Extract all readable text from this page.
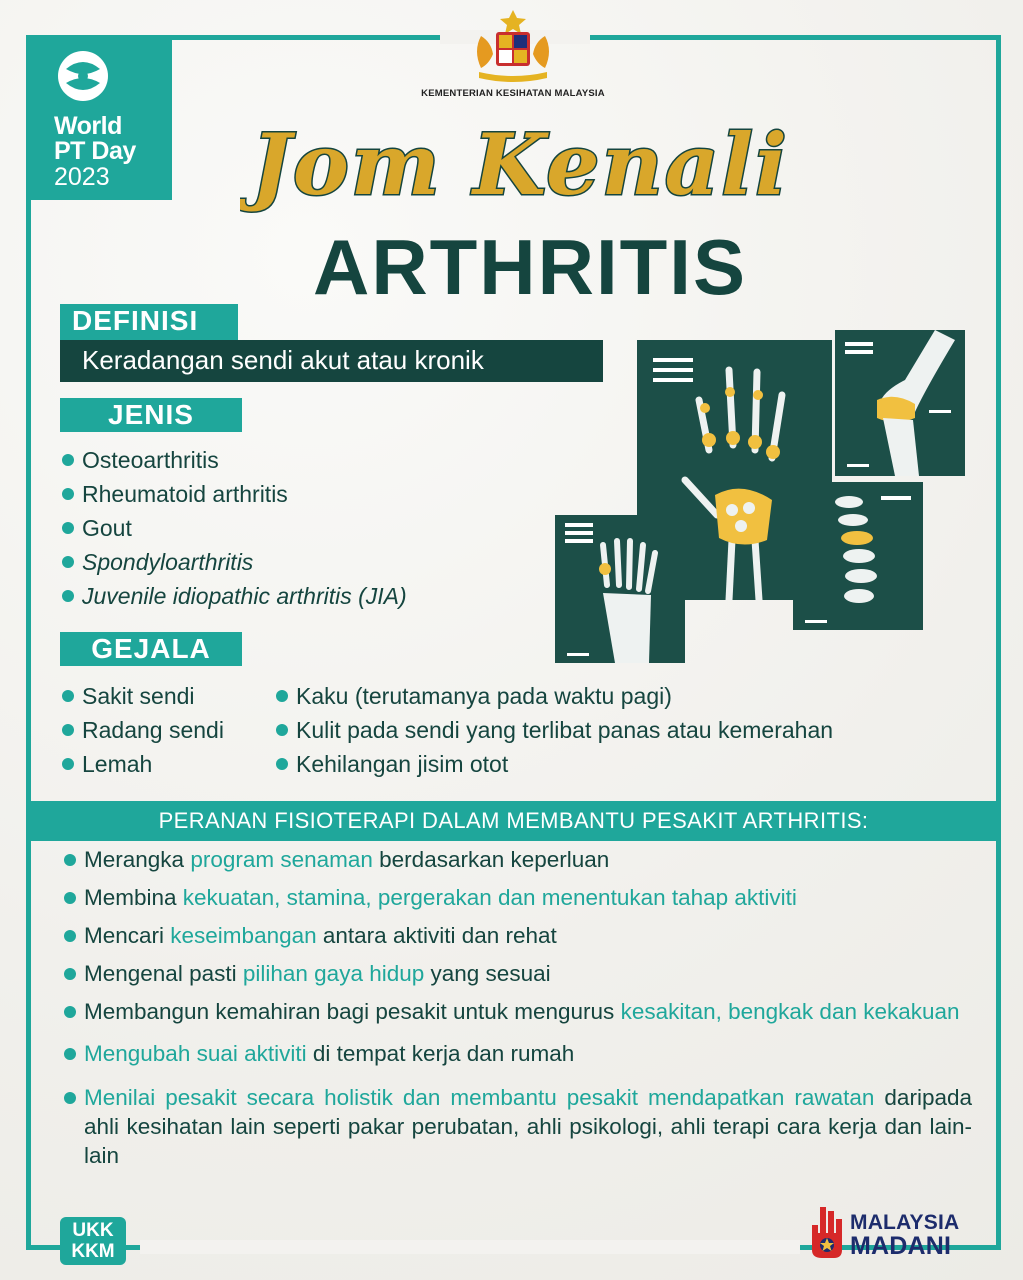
World
PT Day
2023
KEMENTERIAN KESIHATAN MALAYSIA
Jom Kenali
ARTHRITIS
DEFINISI
Keradangan sendi akut atau kronik
JENIS
Osteoarthritis
Rheumatoid arthritis
Gout
Spondyloarthritis
Juvenile idiopathic arthritis (JIA)
GEJALA
Sakit sendi
Radang sendi
Lemah
Kaku (terutamanya pada waktu pagi)
Kulit pada sendi yang terlibat panas atau kemerahan
Kehilangan jisim otot
PERANAN FISIOTERAPI DALAM MEMBANTU PESAKIT ARTHRITIS:
Merangka program senaman berdasarkan keperluan
Membina kekuatan, stamina, pergerakan dan menentukan tahap aktiviti
Mencari keseimbangan antara aktiviti dan rehat
Mengenal pasti pilihan gaya hidup yang sesuai
Membangun kemahiran bagi pesakit untuk mengurus kesakitan, bengkak dan kekakuan
Mengubah suai aktiviti di tempat kerja dan rumah
Menilai pesakit secara holistik dan membantu pesakit mendapatkan rawatan daripada ahli kesihatan lain seperti pakar perubatan, ahli psikologi, ahli terapi cara kerja dan lain-lain
UKK
KKM
MALAYSIA
MADANI
